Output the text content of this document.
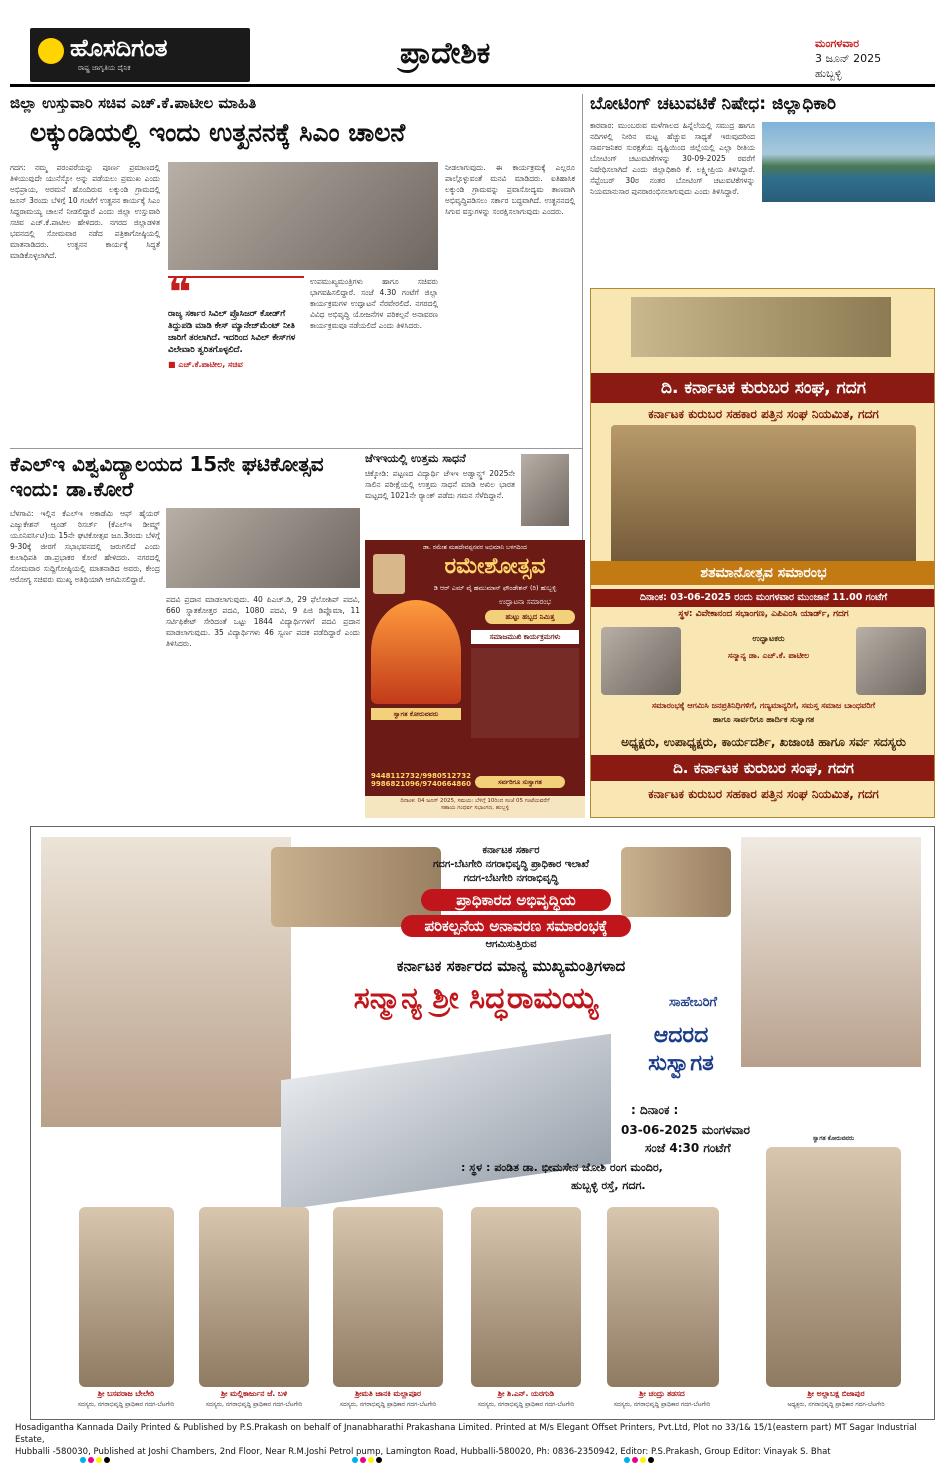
ಹೊಸದಿಗಂತ
ರಾಷ್ಟ್ರ ಜಾಗೃತಿಯ ದೈನಿಕ	ಪ್ರಾದೇಶಿಕ	ಮಂಗಳವಾರ
3 ಜೂನ್ 2025
ಹುಬ್ಬಳ್ಳಿ
ಜಿಲ್ಲಾ ಉಸ್ತುವಾರಿ ಸಚಿವ ಎಚ್.ಕೆ.ಪಾಟೀಲ ಮಾಹಿತಿ
ಲಕ್ಕುಂಡಿಯಲ್ಲಿ ಇಂದು ಉತ್ಖನನಕ್ಕೆ ಸಿಎಂ ಚಾಲನೆ
ಗದಗ: ನಮ್ಮ ಪರಂಪರೆಯನ್ನು ಪೂರ್ಣ ಪ್ರಮಾಣದಲ್ಲಿ ತಿಳಿಯುವುದೇ ಯುನೆಸ್ಕೋ ಅನ್ನು ಪಡೆಯಲು ಪ್ರಮುಖ ಎಂದು ಅಭಿಪ್ರಾಯ, ಅರಮನೆ ಹೊಂದಿರುವ ಲಕ್ಕುಂಡಿ ಗ್ರಾಮದಲ್ಲಿ ಜೂನ್ 3ರಂದು ಬೆಳಿಗ್ಗೆ 10 ಗಂಟೆಗೆ ಉತ್ಖನನ ಕಾರ್ಯಕ್ಕೆ ಸಿಎಂ ಸಿದ್ದರಾಮಯ್ಯ ಚಾಲನೆ ನೀಡಲಿದ್ದಾರೆ ಎಂದು ಜಿಲ್ಲಾ ಉಸ್ತುವಾರಿ ಸಚಿವ ಎಚ್.ಕೆ.ಪಾಟೀಲ ಹೇಳಿದರು. ನಗರದ ಜಿಲ್ಲಾಡಳಿತ ಭವನದಲ್ಲಿ ಸೋಮವಾರ ನಡೆದ ಪತ್ರಿಕಾಗೋಷ್ಠಿಯಲ್ಲಿ ಮಾತನಾಡಿದರು. ಉತ್ಖನನ ಕಾರ್ಯಕ್ಕೆ ಸಿದ್ಧತೆ ಮಾಡಿಕೊಳ್ಳಲಾಗಿದೆ.
❝
ರಾಜ್ಯ ಸರ್ಕಾರ ಸಿವಿಲ್ ಪ್ರೊಸಿಜರ್ ಕೋಡ್‌ಗೆ ತಿದ್ದುಪಡಿ ಮಾಡಿ ಕೇಸ್ ಮ್ಯಾನೇಜ್‌ಮೆಂಟ್ ನೀತಿ ಜಾರಿಗೆ ತರಲಾಗಿದೆ. ಇದರಿಂದ ಸಿವಿಲ್ ಕೇಸ್‌ಗಳ ವಿಲೇವಾರಿ ತ್ವರಿತಗೊಳ್ಳಲಿದೆ.
■ ಎಚ್.ಕೆ.ಪಾಟೀಲ, ಸಚಿವ
ಉಪಮುಖ್ಯಮಂತ್ರಿಗಳು ಹಾಗೂ ಸಚಿವರು ಭಾಗವಹಿಸಲಿದ್ದಾರೆ. ಸಂಜೆ 4.30 ಗಂಟೆಗೆ ಜಿಲ್ಲಾ ಕಾರ್ಯಕ್ರಮಗಳ ಉದ್ಘಾಟನೆ ನೆರವೇರಲಿದೆ. ನಗರದಲ್ಲಿ ವಿವಿಧ ಅಭಿವೃದ್ಧಿ ಯೋಜನೆಗಳ ಪರಿಕಲ್ಪನೆ ಅನಾವರಣ ಕಾರ್ಯಕ್ರಮವೂ ನಡೆಯಲಿದೆ ಎಂದು ತಿಳಿಸಿದರು.
ನೀಡಲಾಗುವುದು. ಈ ಕಾರ್ಯಕ್ರಮಕ್ಕೆ ಎಲ್ಲರೂ ಪಾಲ್ಗೊಳ್ಳುವಂತೆ ಮನವಿ ಮಾಡಿದರು. ಐತಿಹಾಸಿಕ ಲಕ್ಕುಂಡಿ ಗ್ರಾಮವನ್ನು ಪ್ರವಾಸೋದ್ಯಮ ತಾಣವಾಗಿ ಅಭಿವೃದ್ಧಿಪಡಿಸಲು ಸರ್ಕಾರ ಬದ್ಧವಾಗಿದೆ. ಉತ್ಖನನದಲ್ಲಿ ಸಿಗುವ ವಸ್ತುಗಳನ್ನು ಸಂರಕ್ಷಿಸಲಾಗುವುದು ಎಂದರು.
ಬೋಟಿಂಗ್ ಚಟುವಟಿಕೆ ನಿಷೇಧ: ಜಿಲ್ಲಾಧಿಕಾರಿ
ಕಾರವಾರ: ಮುಂಬರುವ ಮಳೆಗಾಲದ ಹಿನ್ನೆಲೆಯಲ್ಲಿ ಸಮುದ್ರ ಹಾಗೂ ನದಿಗಳಲ್ಲಿ ನೀರಿನ ಮಟ್ಟ ಹೆಚ್ಚುವ ಸಾಧ್ಯತೆ ಇರುವುದರಿಂದ ಸಾರ್ವಜನಿಕರ ಸುರಕ್ಷತೆಯ ದೃಷ್ಟಿಯಿಂದ ಜಿಲ್ಲೆಯಲ್ಲಿ ಎಲ್ಲಾ ರೀತಿಯ ಬೋಟಿಂಗ್ ಚಟುವಟಿಕೆಗಳನ್ನು 30-09-2025 ರವರೆಗೆ ನಿಷೇಧಿಸಲಾಗಿದೆ ಎಂದು ಜಿಲ್ಲಾಧಿಕಾರಿ ಕೆ. ಲಕ್ಷ್ಮೀಪ್ರಿಯ ತಿಳಿಸಿದ್ದಾರೆ. ಸೆಪ್ಟೆಂಬರ್ 30ರ ನಂತರ ಬೋಟಿಂಗ್ ಚಟುವಟಿಕೆಗಳನ್ನು ನಿಯಮಾನುಸಾರ ಪುನರಾರಂಭಿಸಲಾಗುವುದು ಎಂದು ತಿಳಿಸಿದ್ದಾರೆ.
ದಿ. ಕರ್ನಾಟಕ ಕುರುಬರ ಸಂಘ, ಗದಗ
ಕರ್ನಾಟಕ ಕುರುಬರ ಸಹಕಾರ ಪತ್ತಿನ ಸಂಘ ನಿಯಮಿತ, ಗದಗ
ಶತಮಾನೋತ್ಸವ ಸಮಾರಂಭ
ದಿನಾಂಕ: 03-06-2025 ರಂದು ಮಂಗಳವಾರ ಮುಂಜಾನೆ 11.00 ಗಂಟೆಗೆ
ಸ್ಥಳ: ವಿವೇಕಾನಂದ ಸಭಾಂಗಣ, ಎಪಿಎಂಸಿ ಯಾರ್ಡ್, ಗದಗ
ಉದ್ಘಾಟಕರು
ಸನ್ಮಾನ್ಯ ಡಾ. ಎಚ್.ಕೆ. ಪಾಟೀಲ
ಸಮಾರಂಭಕ್ಕೆ ಆಗಮಿಸಿ ಜನಪ್ರತಿನಿಧಿಗಳಿಗೆ, ಗಣ್ಯಮಾನ್ಯರಿಗೆ, ಸಮಸ್ತ ಸಮಾಜ ಬಾಂಧವರಿಗೆ
ಹಾಗೂ ಸಾರ್ವರಿಗೂ ಹಾರ್ದಿಕ ಸುಸ್ವಾಗತ
ಅಧ್ಯಕ್ಷರು, ಉಪಾಧ್ಯಕ್ಷರು, ಕಾರ್ಯದರ್ಶಿ, ಖಜಾಂಚಿ ಹಾಗೂ ಸರ್ವ ಸದಸ್ಯರು
ದಿ. ಕರ್ನಾಟಕ ಕುರುಬರ ಸಂಘ, ಗದಗ
ಕರ್ನಾಟಕ ಕುರುಬರ ಸಹಕಾರ ಪತ್ತಿನ ಸಂಘ ನಿಯಮಿತ, ಗದಗ
ಕೆಎಲ್‌ಇ ವಿಶ್ವವಿದ್ಯಾಲಯದ 15ನೇ ಘಟಿಕೋತ್ಸವ ಇಂದು: ಡಾ.ಕೋರೆ
ಬೆಳಗಾವಿ: ಇಲ್ಲಿನ ಕೆಎಲ್‌ಇ ಅಕಾಡೆಮಿ ಆಫ್ ಹೈಯರ್ ಎಜ್ಯುಕೇಶನ್ ಆ್ಯಂಡ್ ರಿಸರ್ಚ್ (ಕೆಎಲ್‌ಇ ಡೀಮ್ಡ್ ಯೂನಿವರ್ಸಿಟಿ)ಯ 15ನೇ ಘಟಿಕೋತ್ಸವ ಜೂ.3ರಂದು ಬೆಳಿಗ್ಗೆ 9-30ಕ್ಕೆ ಜೀರಗೆ ಸಭಾಭವನದಲ್ಲಿ ಜರುಗಲಿದೆ ಎಂದು ಕುಲಾಧಿಪತಿ ಡಾ.ಪ್ರಭಾಕರ ಕೋರೆ ಹೇಳಿದರು. ನಗರದಲ್ಲಿ ಸೋಮವಾರ ಸುದ್ದಿಗೋಷ್ಠಿಯಲ್ಲಿ ಮಾತನಾಡಿದ ಅವರು, ಕೇಂದ್ರ ಆರೋಗ್ಯ ಸಚಿವರು ಮುಖ್ಯ ಅತಿಥಿಯಾಗಿ ಆಗಮಿಸಲಿದ್ದಾರೆ.
ಪದವಿ ಪ್ರದಾನ ಮಾಡಲಾಗುವುದು. 40 ಪಿಎಚ್.ಡಿ, 29 ಫೆಲೋಶಿಪ್ ಪದವಿ, 660 ಸ್ನಾತಕೋತ್ತರ ಪದವಿ, 1080 ಪದವಿ, 9 ಪಿಜಿ ಡಿಪ್ಲೊಮಾ, 11 ಸರ್ಟಿಫಿಕೇಟ್ ಸೇರಿದಂತೆ ಒಟ್ಟು 1844 ವಿದ್ಯಾರ್ಥಿಗಳಿಗೆ ಪದವಿ ಪ್ರದಾನ ಮಾಡಲಾಗುವುದು. 35 ವಿದ್ಯಾರ್ಥಿಗಳು 46 ಸ್ವರ್ಣ ಪದಕ ಪಡೆದಿದ್ದಾರೆ ಎಂದು ತಿಳಿಸಿದರು.
ಜೆಇಇಯಲ್ಲಿ ಉತ್ತಮ ಸಾಧನೆ
ಚಿಕ್ಕೋಡಿ: ಪಟ್ಟಣದ ವಿದ್ಯಾರ್ಥಿ ಜೆಇಇ ಅಡ್ವಾನ್ಸ್ಡ್ 2025ನೇ ಸಾಲಿನ ಪರೀಕ್ಷೆಯಲ್ಲಿ ಉತ್ತಮ ಸಾಧನೆ ಮಾಡಿ ಅಖಿಲ ಭಾರತ ಮಟ್ಟದಲ್ಲಿ 1021ನೇ ರ‍್ಯಾಂಕ್ ಪಡೆದು ಗಮನ ಸೆಳೆದಿದ್ದಾನೆ.
ಡಾ. ರಮೇಶ ಮಹದೇವಪ್ಪನವರ ಅಭಿಮಾನಿ ಬಳಗದಿಂದ
ರಮೇಶೋತ್ಸವ
ಡಿ ಆರ್ ಎಮ್ ವೈ ಹಮುಮಾನ್ ಫೌಂಡೇಶನ್ (ರಿ) ಹುಬ್ಬಳ್ಳಿ
ಉದ್ಘಾಟನಾ ಸಮಾರಂಭ
ಹುಟ್ಟು ಹಬ್ಬದ ನಿಮಿತ್ತ
ಸಮಾಜಮುಖಿ ಕಾರ್ಯಕ್ರಮಗಳು
ಸ್ವಾಗತ ಕೋರುವವರು
9448112732/9980512732 9986821096/9740664860	ಸರ್ವರಿಗೂ ಸುಸ್ವಾಗತ
ದಿನಾಂಕ: 04 ಜೂನ್ 2025, ಸಮಯ: ಬೆಳಿಗ್ಗೆ 10ರಿಂದ ಸಂಜೆ 05 ಗಂಟೆಯವರೆಗೆ
ಸಹಾಯ ಗಂಧರ್ವ ಸಭಾಂಗಣ, ಹುಬ್ಬಳ್ಳಿ
ಕರ್ನಾಟಕ ಸರ್ಕಾರ
ಗದಗ-ಬೆಟಗೇರಿ ನಗರಾಭಿವೃದ್ಧಿ ಪ್ರಾಧಿಕಾರ ಇಲಾಖೆ
ಗದಗ-ಬೆಟಗೇರಿ ನಗರಾಭಿವೃದ್ಧಿ
ಪ್ರಾಧಿಕಾರದ ಅಭಿವೃದ್ಧಿಯ
ಪರಿಕಲ್ಪನೆಯ ಅನಾವರಣ ಸಮಾರಂಭಕ್ಕೆ
ಆಗಮಿಸುತ್ತಿರುವ
ಕರ್ನಾಟಕ ಸರ್ಕಾರದ ಮಾನ್ಯ ಮುಖ್ಯಮಂತ್ರಿಗಳಾದ
ಸನ್ಮಾನ್ಯ ಶ್ರೀ ಸಿದ್ಧರಾಮಯ್ಯ	ಸಾಹೇಬರಿಗೆ
ಆದರದ
ಸುಸ್ವಾಗತ
: ದಿನಾಂಕ :
03-06-2025 ಮಂಗಳವಾರ
ಸಂಜೆ 4:30 ಗಂಟೆಗೆ
: ಸ್ಥಳ : ಪಂಡಿತ ಡಾ. ಭೀಮಸೇನ ಜೋಶಿ ರಂಗ ಮಂದಿರ,
ಹುಬ್ಬಳ್ಳಿ ರಸ್ತೆ, ಗದಗ.
ಶ್ರೀ ಬಸವರಾಜ ಬೇಲೇರಿ
ಸದಸ್ಯರು, ನಗರಾಭಿವೃದ್ಧಿ ಪ್ರಾಧಿಕಾರ ಗದಗ-ಬೆಟಗೇರಿ
ಶ್ರೀ ಮಲ್ಲಿಕಾರ್ಜುನ ಜೆ. ಬಳಿ
ಸದಸ್ಯರು, ನಗರಾಭಿವೃದ್ಧಿ ಪ್ರಾಧಿಕಾರ ಗದಗ-ಬೆಟಗೇರಿ
ಶ್ರೀಮತಿ ಜಾನಕಿ ಮಲ್ಲಾಪೂರ
ಸದಸ್ಯರು, ನಗರಾಭಿವೃದ್ಧಿ ಪ್ರಾಧಿಕಾರ ಗದಗ-ಬೆಟಗೇರಿ
ಶ್ರೀ ಶಿ.ಎನ್. ಯರಗುಡಿ
ಸದಸ್ಯರು, ನಗರಾಭಿವೃದ್ಧಿ ಪ್ರಾಧಿಕಾರ ಗದಗ-ಬೆಟಗೇರಿ
ಶ್ರೀ ಚಂದ್ರು ತಡಸದ
ಸದಸ್ಯರು, ನಗರಾಭಿವೃದ್ಧಿ ಪ್ರಾಧಿಕಾರ ಗದಗ-ಬೆಟಗೇರಿ
ಸ್ವಾಗತ ಕೋರುವವರು
ಶ್ರೀ ಅಲ್ಲಾಬಕ್ಷ ಬಿಜಾಪುರ
ಅಧ್ಯಕ್ಷರು, ನಗರಾಭಿವೃದ್ಧಿ ಪ್ರಾಧಿಕಾರ ಗದಗ-ಬೆಟಗೇರಿ
Hosadigantha Kannada Daily Printed & Published by P.S.Prakash on behalf of Jnanabharathi Prakashana Limited. Printed at M/s Elegant Offset Printers, Pvt.Ltd, Plot no 33/1& 15/1(eastern part) MT Sagar Industrial Estate,
Hubballi -580030, Published at Joshi Chambers, 2nd Floor, Near R.M.Joshi Petrol pump, Lamington Road, Hubballi-580020, Ph: 0836-2350942, Editor: P.S.Prakash, Group Editor: Vinayak S. Bhat
